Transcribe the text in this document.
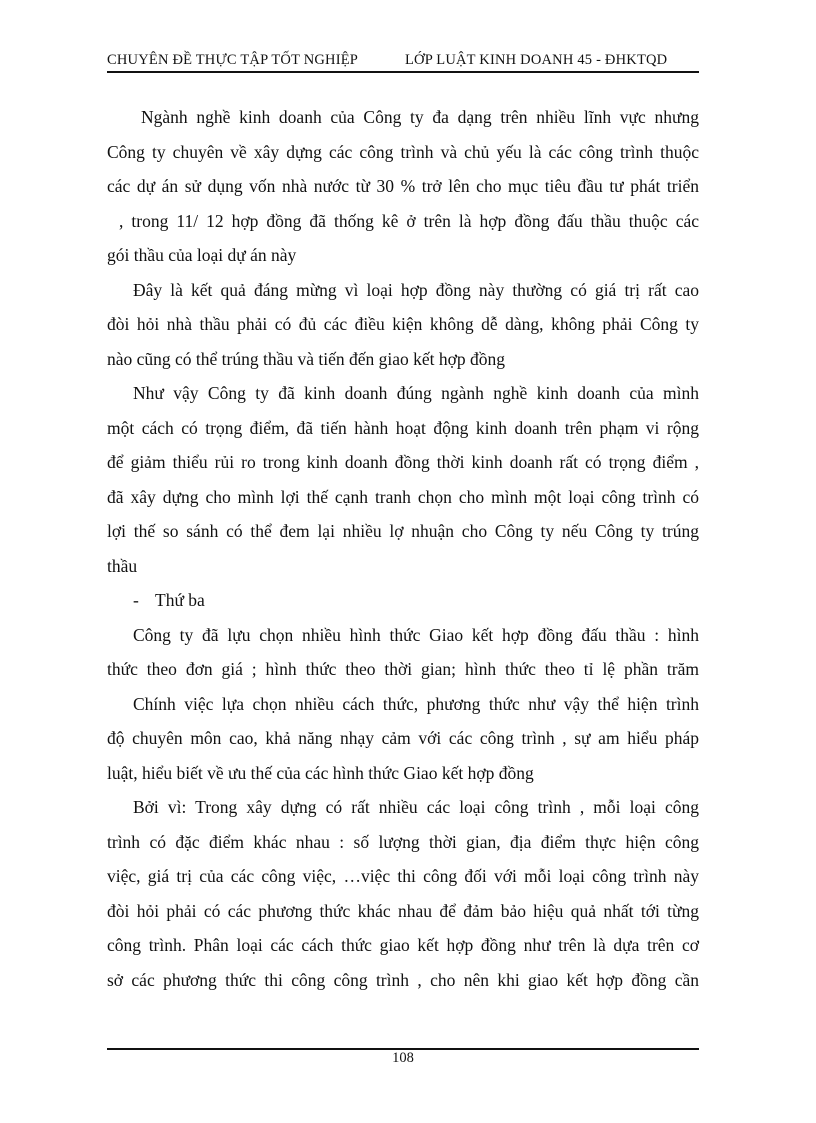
CHUYÊN ĐỀ THỰC TẬP TỐT NGHIỆP	LỚP LUẬT KINH DOANH 45 - ĐHKTQD
Ngành nghề kinh doanh của Công ty đa dạng trên nhiều lĩnh vực nhưng
Công ty chuyên về xây dựng các công trình và chủ yếu là các công trình thuộc
các dự án sử dụng vốn nhà nước từ 30 % trở lên cho mục tiêu đầu tư phát triển
, trong 11/ 12 hợp đồng đã thống kê ở trên là hợp đồng đấu thầu thuộc các
gói thầu của loại dự án này
Đây là kết quả đáng mừng vì loại hợp đồng này thường có giá trị rất cao
đòi hỏi nhà thầu phải có đủ các điều kiện không dễ dàng, không phải Công ty
nào cũng có thể trúng thầu và tiến đến giao kết hợp đồng
Như vậy Công ty đã kinh doanh đúng ngành nghề kinh doanh của mình
một cách có trọng điểm, đã tiến hành hoạt động kinh doanh trên phạm vi rộng
để giảm thiểu rủi ro trong kinh doanh đồng thời kinh doanh rất có trọng điểm ,
đã xây dựng cho mình lợi thế cạnh tranh chọn cho mình một loại công trình có
lợi thế so sánh có thể đem lại nhiều lợ nhuận cho Công ty nếu Công ty trúng
thầu
- Thứ ba
Công ty đã lựu chọn nhiều hình thức Giao kết hợp đồng đấu thầu : hình
thức theo đơn giá ; hình thức theo thời gian; hình thức theo tỉ lệ phần trăm
Chính việc lựa chọn nhiều cách thức, phương thức như vậy thể hiện trình
độ chuyên môn cao, khả năng nhạy cảm với các công trình , sự am hiểu pháp
luật, hiểu biết về ưu thế của các hình thức Giao kết hợp đồng
Bởi vì: Trong xây dựng có rất nhiều các loại công trình , mỗi loại công
trình có đặc điểm khác nhau : số lượng thời gian, địa điểm thực hiện công
việc, giá trị của các công việc, …việc thi công đối với mỗi loại công trình này
đòi hỏi phải có các phương thức khác nhau để đảm bảo hiệu quả nhất tới từng
công trình. Phân loại các cách thức giao kết hợp đồng như trên là dựa trên cơ
sở các phương thức thi công công trình , cho nên khi giao kết hợp đồng cần
108
